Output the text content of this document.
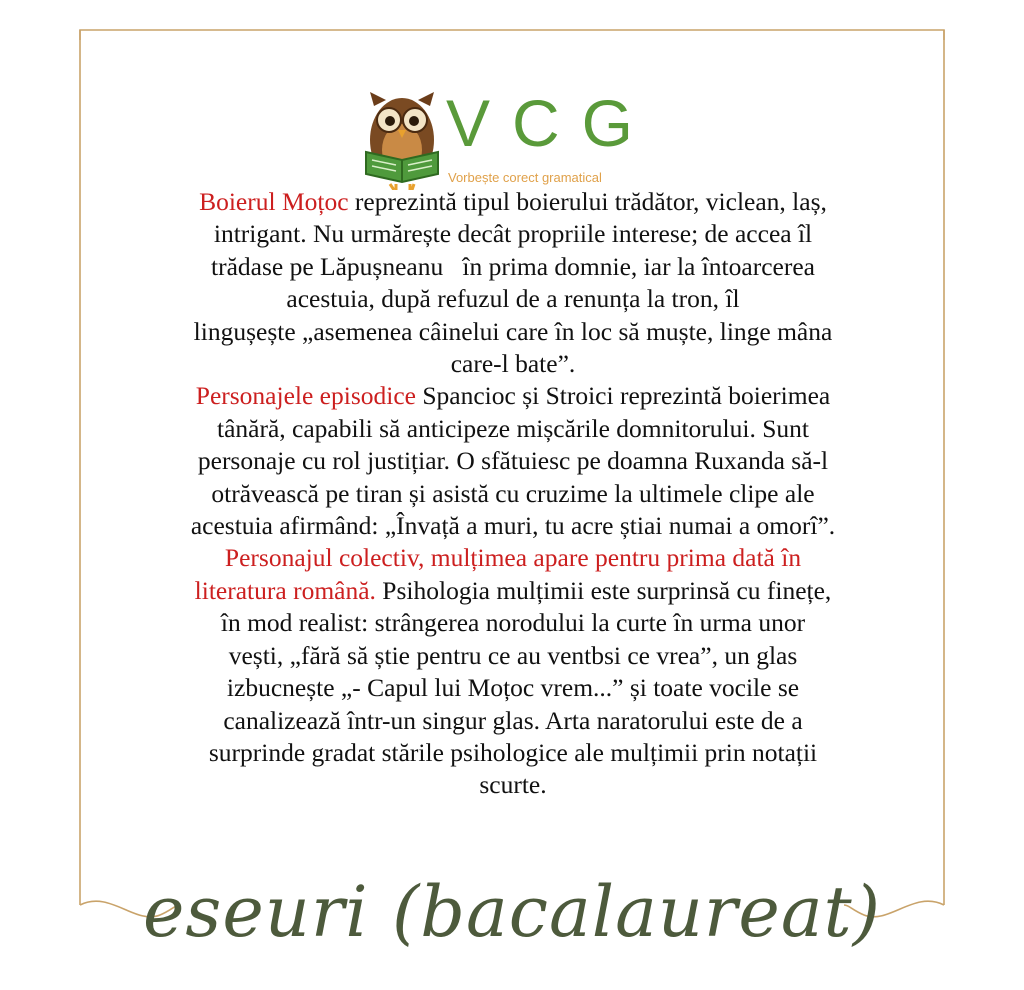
VCG
Vorbește corect gramatical
Boierul Moțoc reprezintă tipul boierului trădător, viclean, laș,
intrigant. Nu urmărește decât propriile interese; de accea îl
trădase pe Lăpușneanu   în prima domnie, iar la întoarcerea
acestuia, după refuzul de a renunța la tron, îl
lingușește „asemenea câinelui care în loc să muște, linge mâna
care-l bate”.
Personajele episodice Spancioc și Stroici reprezintă boierimea
tânără, capabili să anticipeze mișcările domnitorului. Sunt
personaje cu rol justițiar. O sfătuiesc pe doamna Ruxanda să-l
otrăvească pe tiran și asistă cu cruzime la ultimele clipe ale
acestuia afirmând: „Învață a muri, tu acre știai numai a omorî”.
Personajul colectiv, mulțimea apare pentru prima dată în
literatura română. Psihologia mulțimii este surprinsă cu finețe,
în mod realist: strângerea norodului la curte în urma unor
vești, „fără să știe pentru ce au ventbsi ce vrea”, un glas
izbucnește „- Capul lui Moțoc vrem...” și toate vocile se
canalizează într-un singur glas. Arta naratorului este de a
surprinde gradat stările psihologice ale mulțimii prin notații
scurte.
eseuri (bacalaureat)
